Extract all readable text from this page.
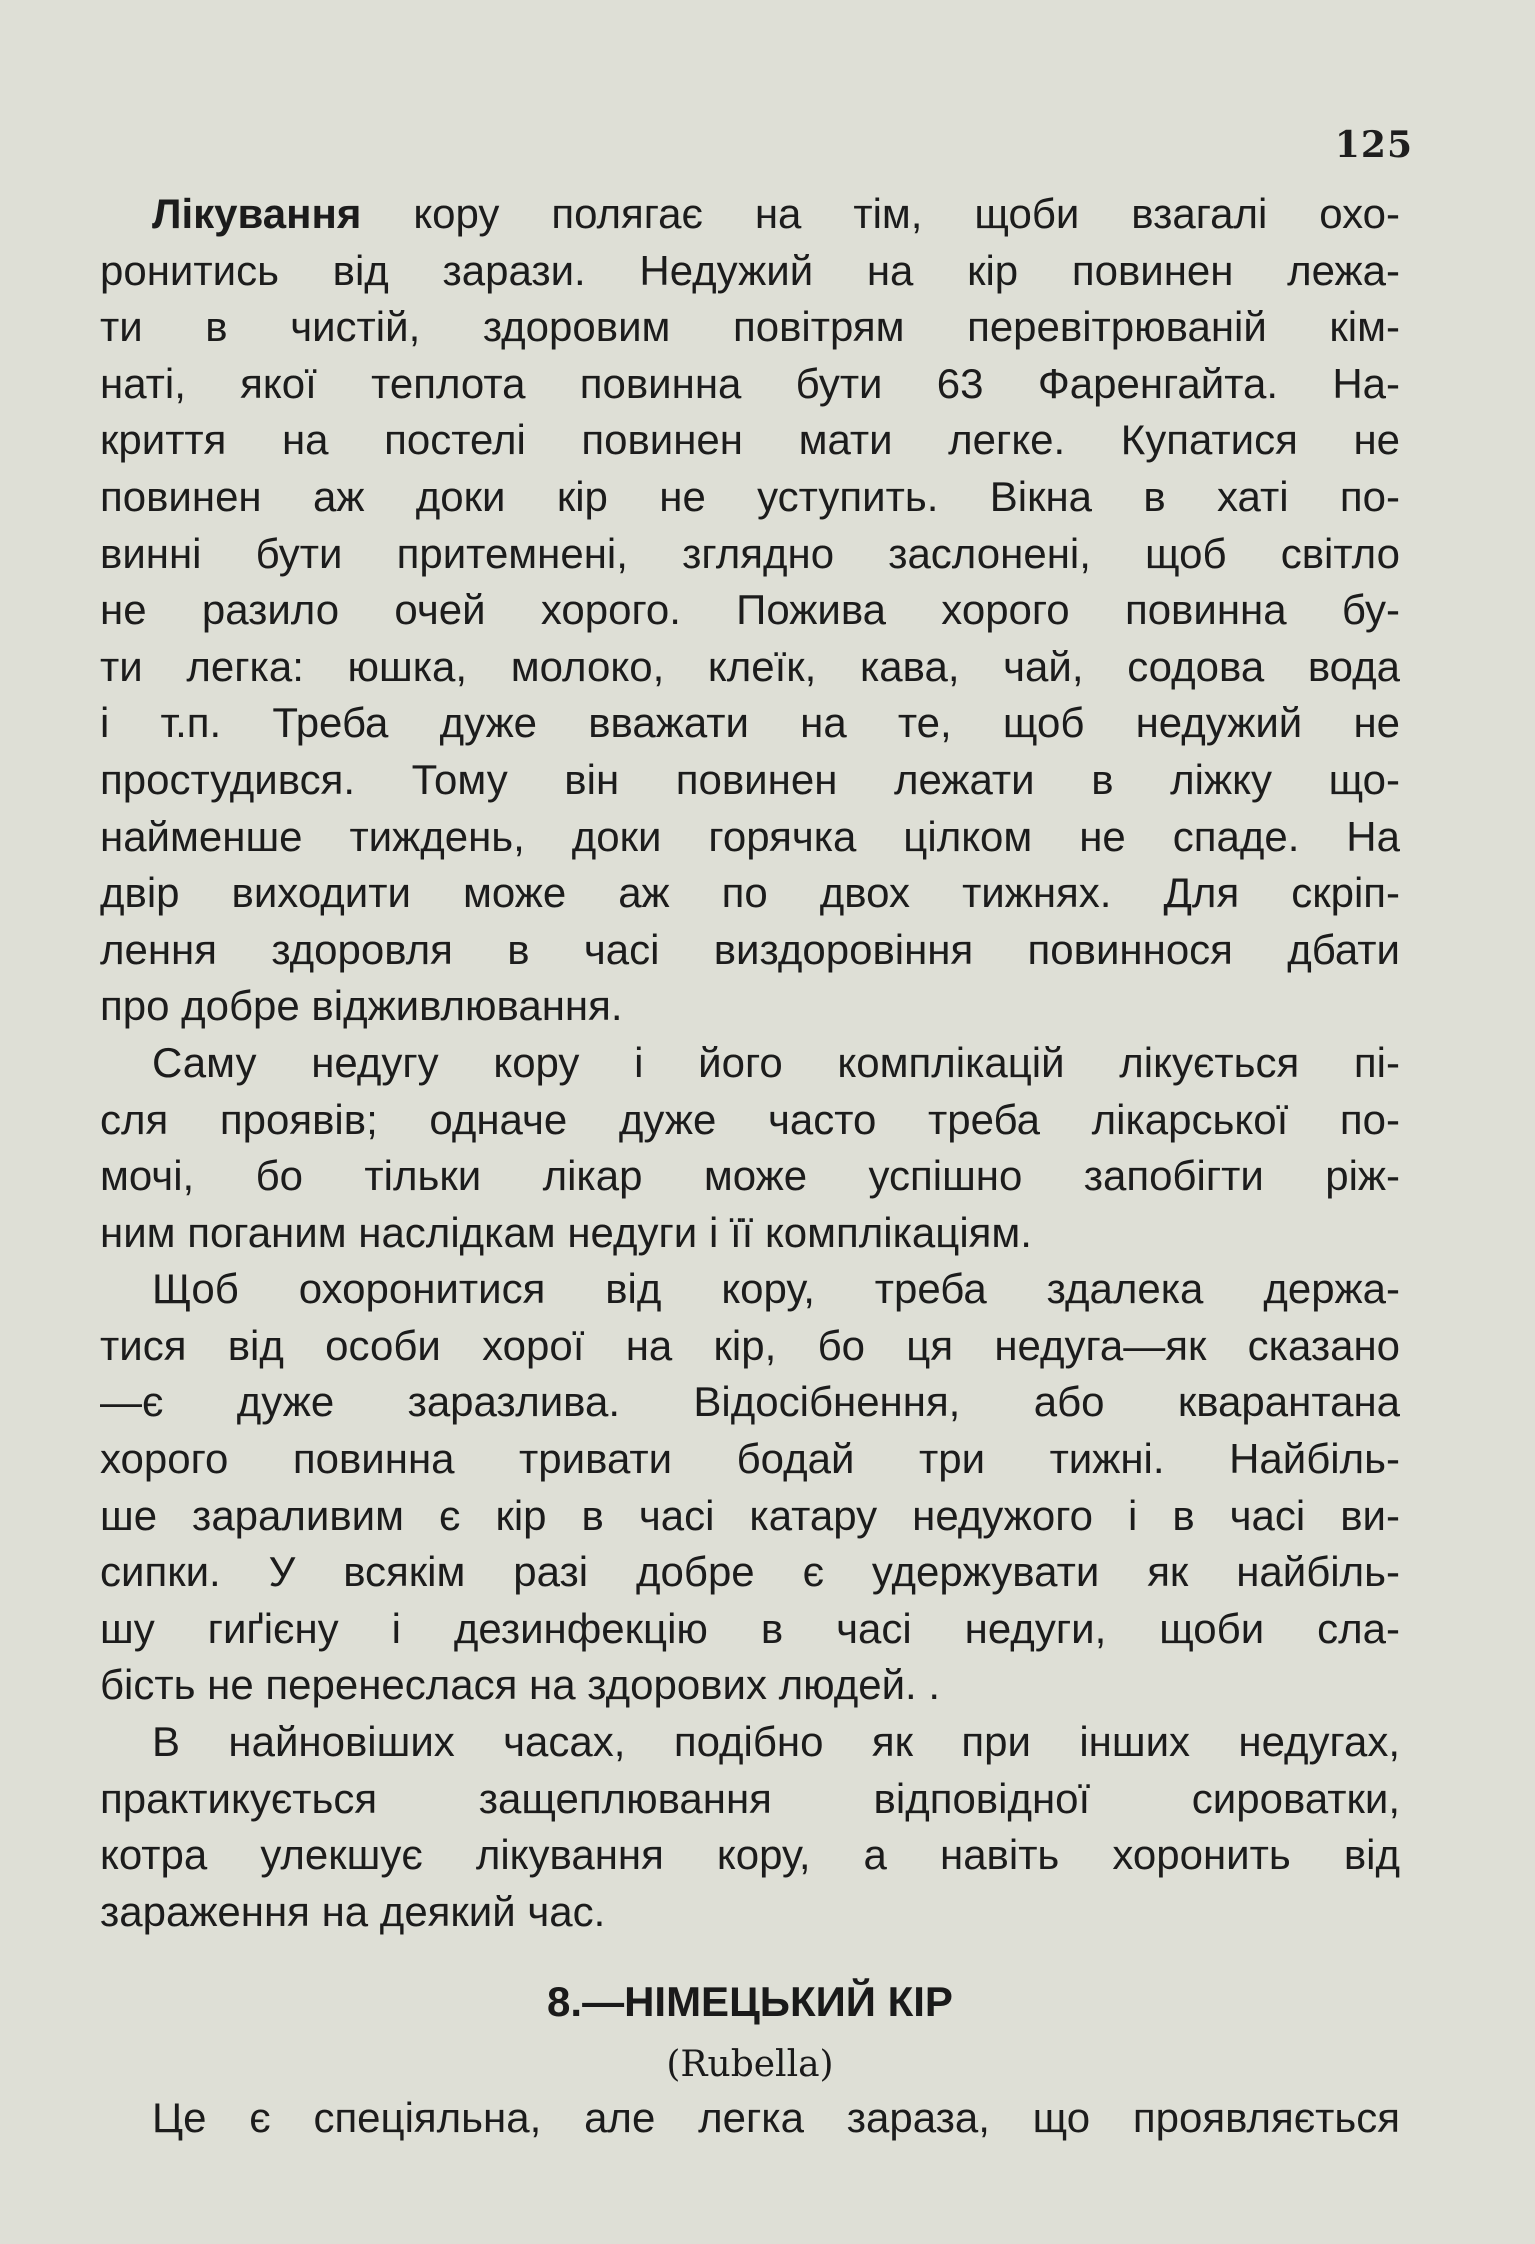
125
Лікування кору полягає на тім, щоби взагалі охо-
ронитись від зарази. Недужий на кір повинен лежа-
ти в чистій, здоровим повітрям перевітрюваній кім-
наті, якої теплота повинна бути 63 Фаренгайта. На-
криття на постелі повинен мати легке. Купатися не
повинен аж доки кір не уступить. Вікна в хаті по-
винні бути притемнені, зглядно заслонені, щоб світло
не разило очей хорого. Пожива хорого повинна бу-
ти легка: юшка, молоко, клеїк, кава, чай, содова вода
і т.п. Треба дуже вважати на те, щоб недужий не
простудився. Тому він повинен лежати в ліжку що-
найменше тиждень, доки горячка цілком не спаде. На
двір виходити може аж по двох тижнях. Для скріп-
лення здоровля в часі виздоровіння повинноcя дбати
про добре відживлювання.
Саму недугу кору і його комплікацій лікується пі-
сля проявів; одначе дуже часто треба лікарської по-
мочі, бо тільки лікар може успішно запобігти ріж-
ним поганим наслідкам недуги і її комплікаціям.
Щоб охоронитися від кору, треба здалека держа-
тися від особи хорої на кір, бо ця недуга—як сказано
—є дуже заразлива. Відосібнення, або кварантана
хорого повинна тривати бодай три тижні. Найбіль-
ше зараливим є кір в часі катару недужого і в часі ви-
сипки. У всякім разі добре є удержувати як найбіль-
шу гиґієну і дезинфекцію в часі недуги, щоби сла-
бість не перенеслася на здорових людей. .
В найновіших часах, подібно як при інших недугах,
практикується защеплювання відповідної сироватки,
котра улекшує лікування кору, а навіть хоронить від
зараження на деякий час.
8.—НІМЕЦЬКИЙ КІР
(Rubella)
Це є спеціяльна, але легка зараза, що проявляється
